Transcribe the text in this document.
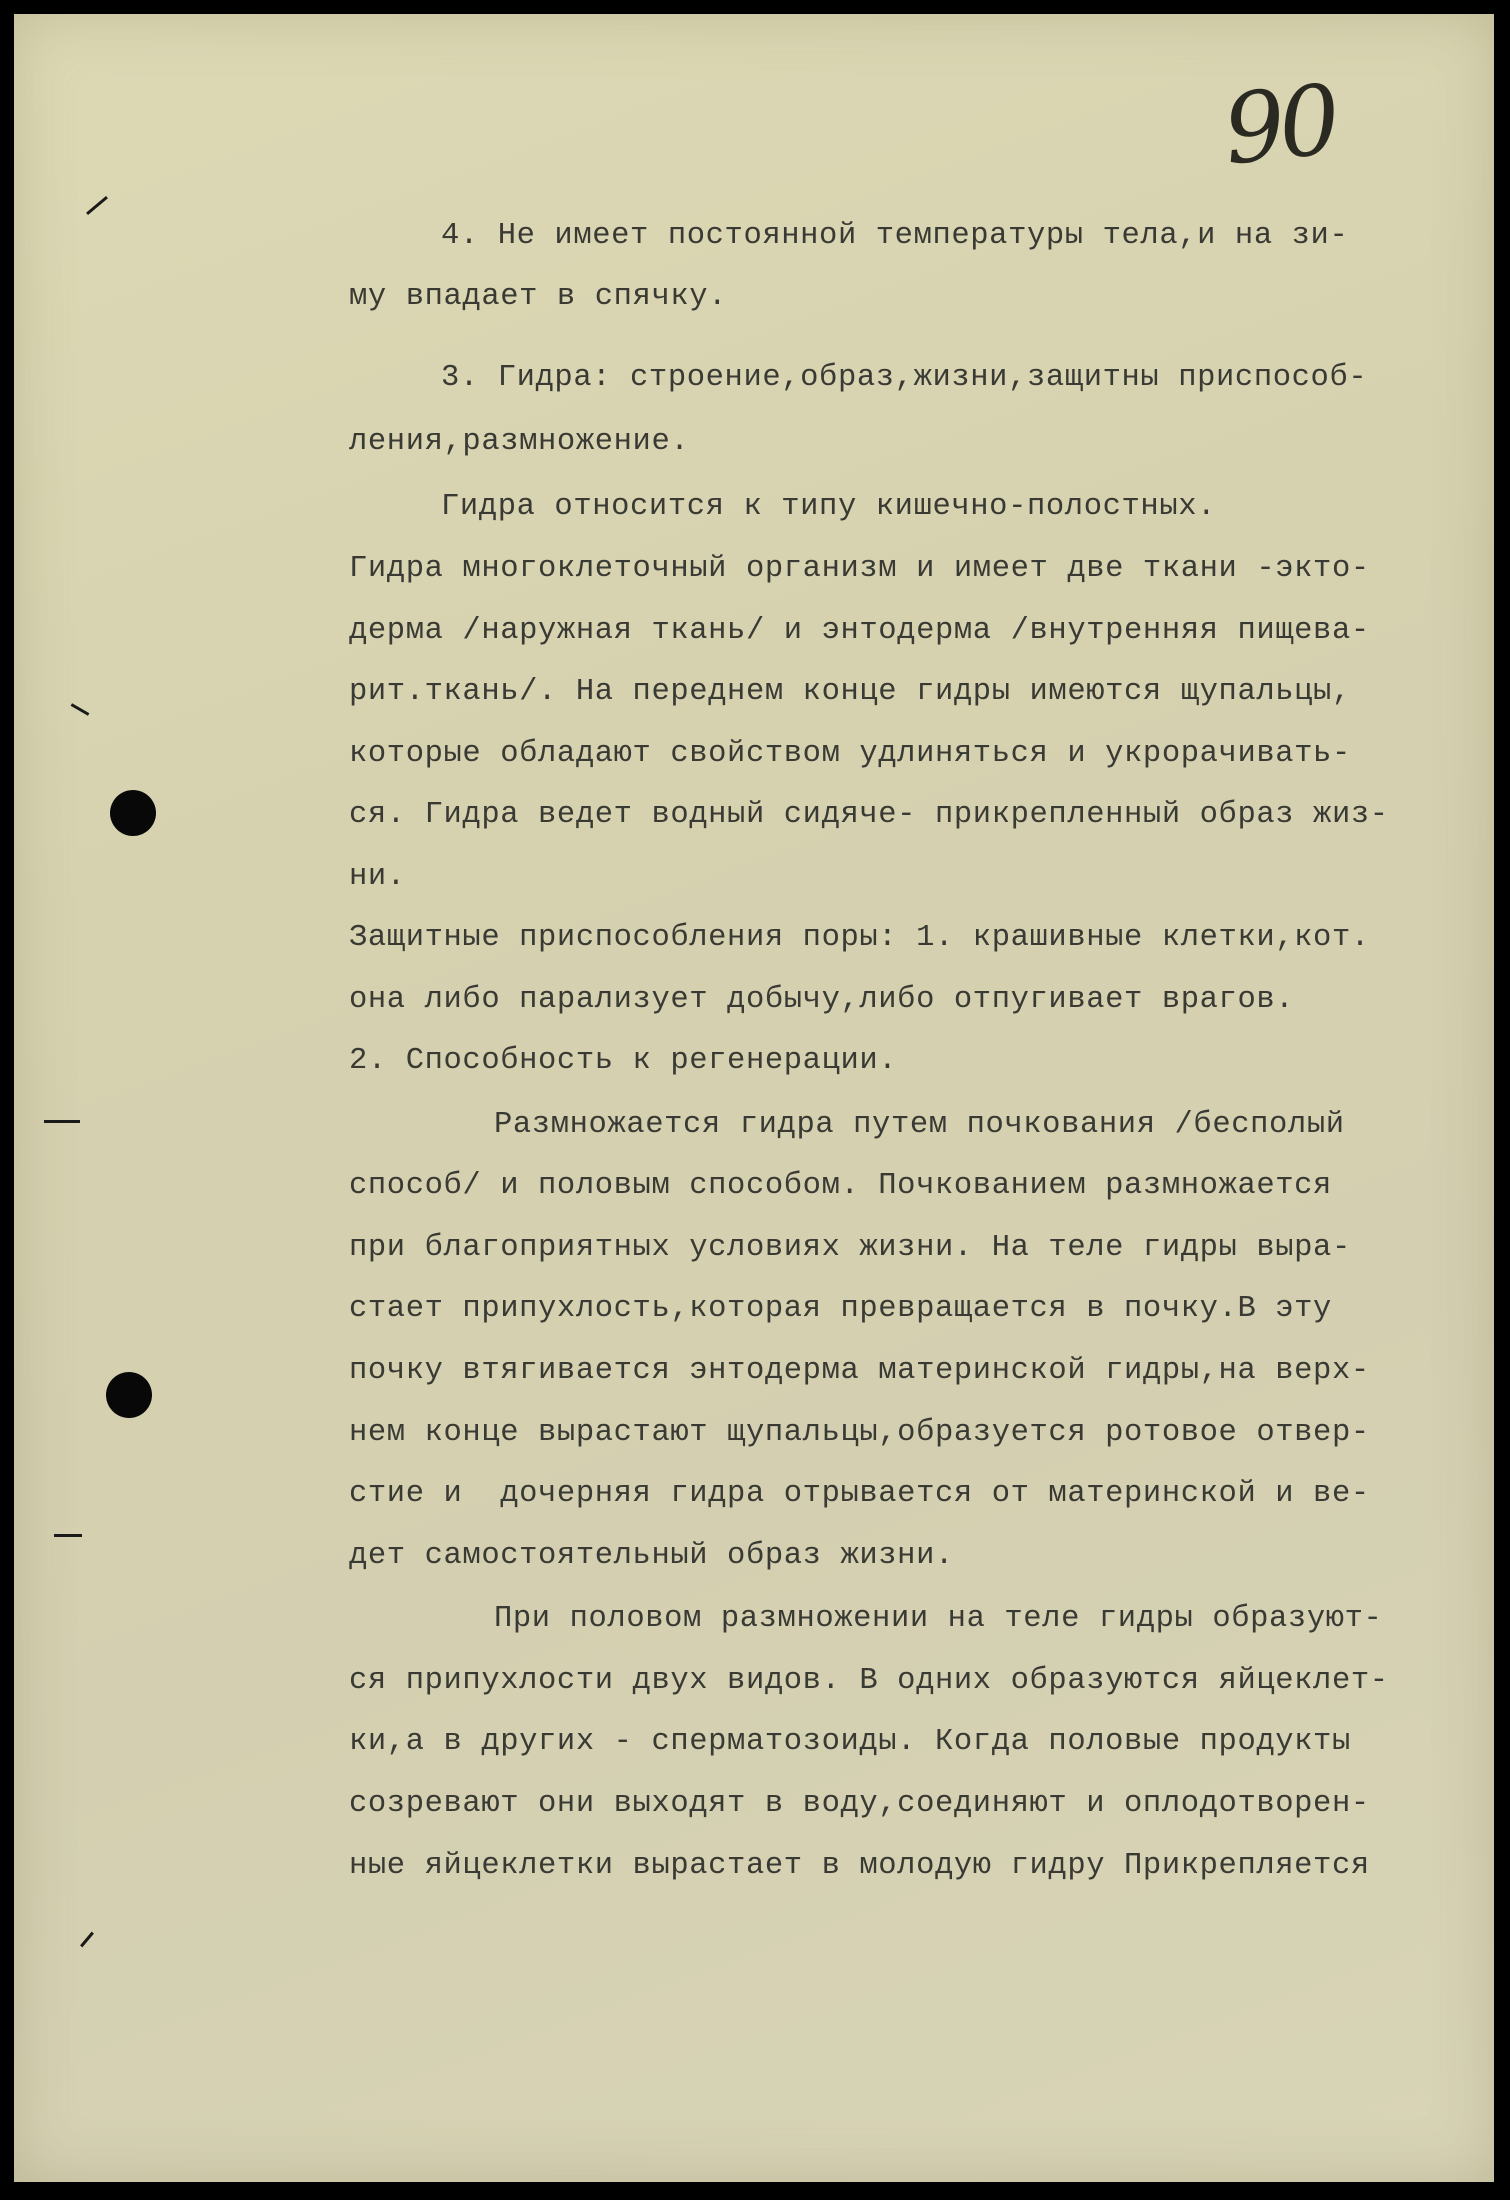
90
4. Не имеет постоянной температуры тела,и на зи-
му впадает в спячку.
3. Гидра: строение,образ,жизни,защитны приспособ-
ления,размножение.
Гидра относится к типу кишечно-полостных.
Гидра многоклеточный организм и имеет две ткани -экто-
дерма /наружная ткань/ и энтодерма /внутренняя пищева-
рит.ткань/. На переднем конце гидры имеются щупальцы,
которые обладают свойством удлиняться и укрорачивать-
ся. Гидра ведет водный сидяче- прикрепленный образ жиз-
ни.
Защитные приспособления поры: 1. крашивные клетки,кот.
она либо парализует добычу,либо отпугивает врагов.
2. Способность к регенерации.
Размножается гидра путем почкования /бесполый
способ/ и половым способом. Почкованием размножается
при благоприятных условиях жизни. На теле гидры выра-
стает припухлость,которая превращается в почку.В эту
почку втягивается энтодерма материнской гидры,на верх-
нем конце вырастают щупальцы,образуется ротовое отвер-
стие и  дочерняя гидра отрывается от материнской и ве-
дет самостоятельный образ жизни.
При половом размножении на теле гидры образуют-
ся припухлости двух видов. В одних образуются яйцеклет-
ки,а в других - сперматозоиды. Когда половые продукты
созревают они выходят в воду,соединяют и оплодотворен-
ные яйцеклетки вырастает в молодую гидру Прикрепляется
